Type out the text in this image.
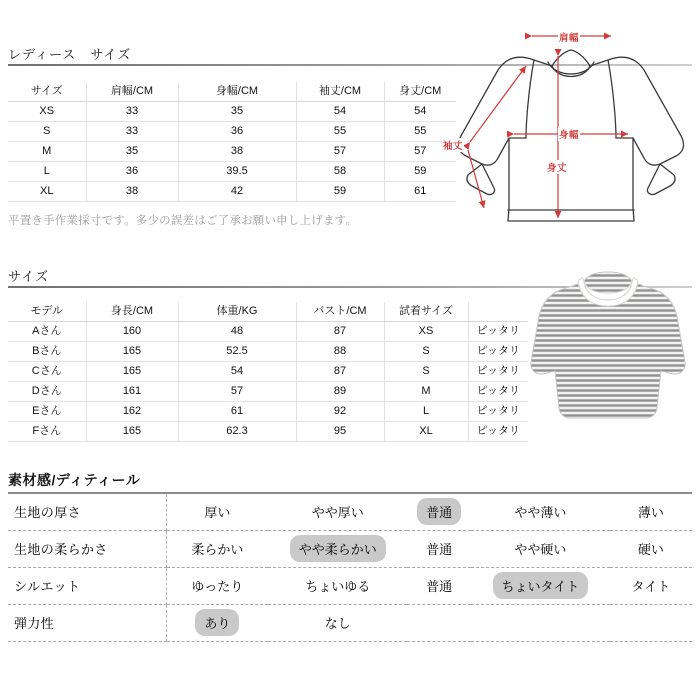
レディース　サイズ
サイズ	肩幅/CM	身幅/CM	袖丈/CM	身丈/CM
XS	33	35	54	54
S	33	36	55	55
M	35	38	57	57
L	36	39.5	58	59
XL	38	42	59	61
平置き手作業採寸です。多少の誤差はご了承お願い申し上げます。
サイズ
モデル	身長/CM	体重/KG	バスト/CM	試着サイズ	
Aさん	160	48	87	XS	ピッタリ
Bさん	165	52.5	88	S	ピッタリ
Cさん	165	54	87	S	ピッタリ
Dさん	161	57	89	M	ピッタリ
Eさん	162	61	92	L	ピッタリ
Fさん	165	62.3	95	XL	ピッタリ
素材感/ディティール
生地の厚さ	厚い	やや厚い	普通	やや薄い	薄い
生地の柔らかさ	柔らかい	やや柔らかい	普通	やや硬い	硬い
シルエット	ゆったり	ちょいゆる	普通	ちょいタイト	タイト
弾力性	あり	なし			
肩幅
身幅
身丈
袖丈
